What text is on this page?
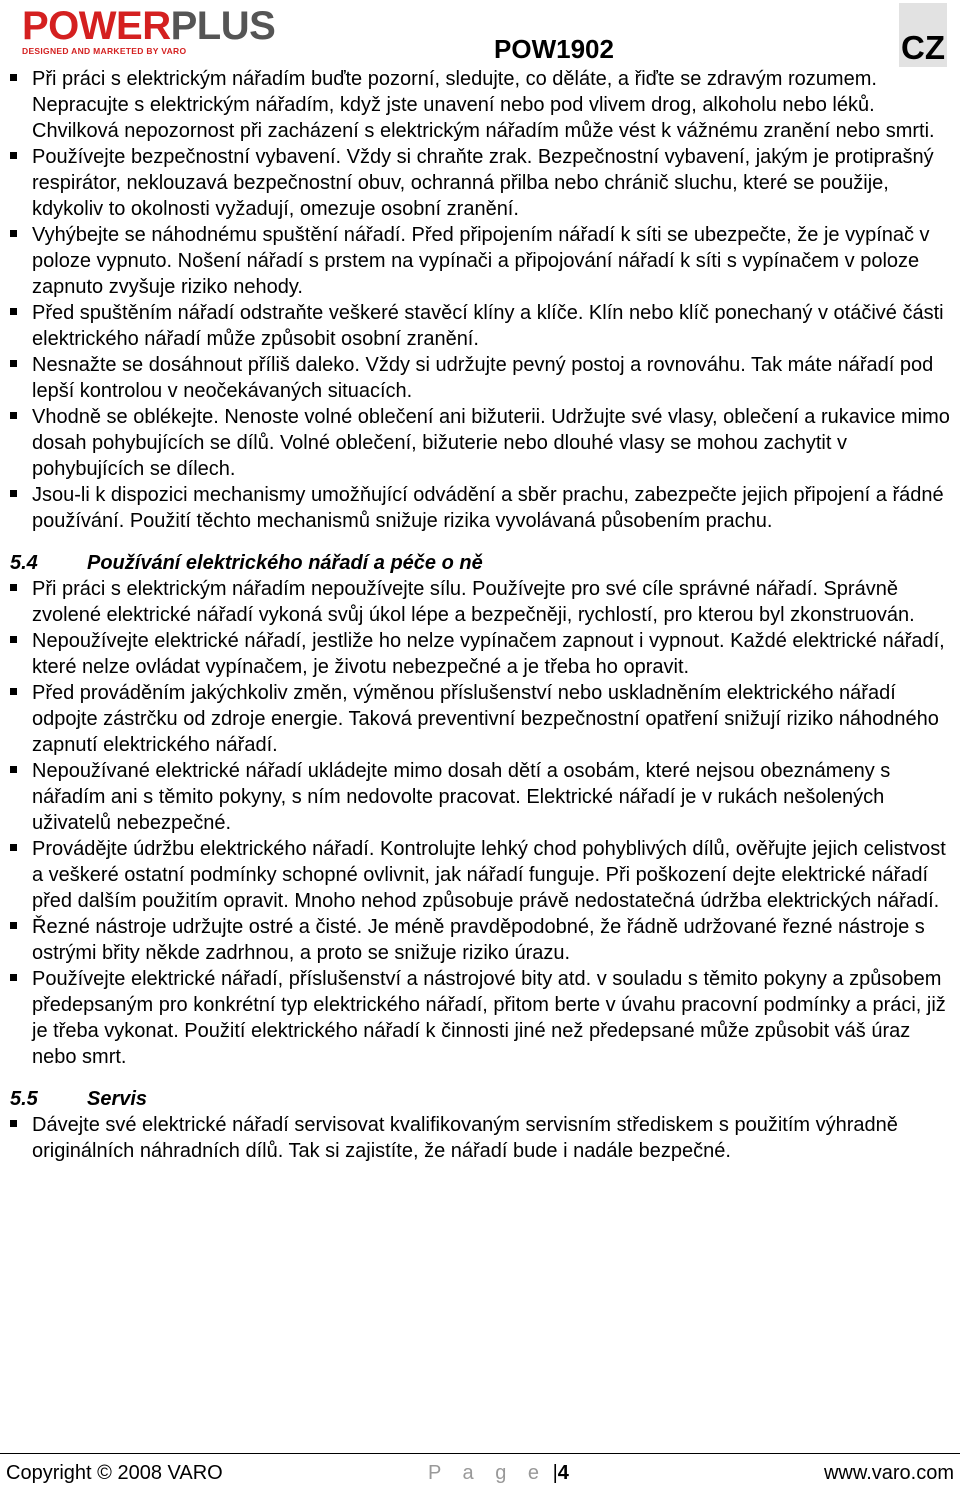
POWERPLUS
DESIGNED AND MARKETED BY VARO	POW1902	CZ
Při práci s elektrickým nářadím buďte pozorní, sledujte, co děláte, a řiďte se zdravým rozumem. Nepracujte s elektrickým nářadím, když jste unavení nebo pod vlivem drog, alkoholu nebo léků. Chvilková nepozornost při zacházení s elektrickým nářadím může vést k vážnému zranění nebo smrti.
Používejte bezpečnostní vybavení. Vždy si chraňte zrak. Bezpečnostní vybavení, jakým je protiprašný respirátor, neklouzavá bezpečnostní obuv, ochranná přilba nebo chránič sluchu, které se použije, kdykoliv to okolnosti vyžadují, omezuje osobní zranění.
Vyhýbejte se náhodnému spuštění nářadí. Před připojením nářadí k síti se ubezpečte, že je vypínač v poloze vypnuto. Nošení nářadí s prstem na vypínači a připojování nářadí k síti s vypínačem v poloze zapnuto zvyšuje riziko nehody.
Před spuštěním nářadí odstraňte veškeré stavěcí klíny a klíče. Klín nebo klíč ponechaný v otáčivé části elektrického nářadí může způsobit osobní zranění.
Nesnažte se dosáhnout příliš daleko. Vždy si udržujte pevný postoj a rovnováhu. Tak máte nářadí pod lepší kontrolou v neočekávaných situacích.
Vhodně se oblékejte. Nenoste volné oblečení ani bižuterii. Udržujte své vlasy, oblečení a rukavice mimo dosah pohybujících se dílů. Volné oblečení, bižuterie nebo dlouhé vlasy se mohou zachytit v pohybujících se dílech.
Jsou-li k dispozici mechanismy umožňující odvádění a sběr prachu, zabezpečte jejich připojení a řádné používání. Použití těchto mechanismů snižuje rizika vyvolávaná působením prachu.
5.4 Používání elektrického nářadí a péče o ně
Při práci s elektrickým nářadím nepoužívejte sílu. Používejte pro své cíle správné nářadí. Správně zvolené elektrické nářadí vykoná svůj úkol lépe a bezpečněji, rychlostí, pro kterou byl zkonstruován.
Nepoužívejte elektrické nářadí, jestliže ho nelze vypínačem zapnout i vypnout. Každé elektrické nářadí, které nelze ovládat vypínačem, je životu nebezpečné a je třeba ho opravit.
Před prováděním jakýchkoliv změn, výměnou příslušenství nebo uskladněním elektrického nářadí odpojte zástrčku od zdroje energie. Taková preventivní bezpečnostní opatření snižují riziko náhodného zapnutí elektrického nářadí.
Nepoužívané elektrické nářadí ukládejte mimo dosah dětí a osobám, které nejsou obeznámeny s nářadím ani s těmito pokyny, s ním nedovolte pracovat. Elektrické nářadí je v rukách nešolených uživatelů nebezpečné.
Provádějte údržbu elektrického nářadí. Kontrolujte lehký chod pohyblivých dílů, ověřujte jejich celistvost a veškeré ostatní podmínky schopné ovlivnit, jak nářadí funguje. Při poškození dejte elektrické nářadí před dalším použitím opravit. Mnoho nehod způsobuje právě nedostatečná údržba elektrických nářadí.
Řezné nástroje udržujte ostré a čisté. Je méně pravděpodobné, že řádně udržované řezné nástroje s ostrými břity někde zadrhnou, a proto se snižuje riziko úrazu.
Používejte elektrické nářadí, příslušenství a nástrojové bity atd. v souladu s těmito pokyny a způsobem předepsaným pro konkrétní typ elektrického nářadí, přitom berte v úvahu pracovní podmínky a práci, již je třeba vykonat. Použití elektrického nářadí k činnosti jiné než předepsané může způsobit váš úraz nebo smrt.
5.5 Servis
Dávejte své elektrické nářadí servisovat kvalifikovaným servisním střediskem s použitím výhradně originálních náhradních dílů. Tak si zajistíte, že nářadí bude i nadále bezpečné.
Copyright © 2008 VARO	P a g e |4	www.varo.com
